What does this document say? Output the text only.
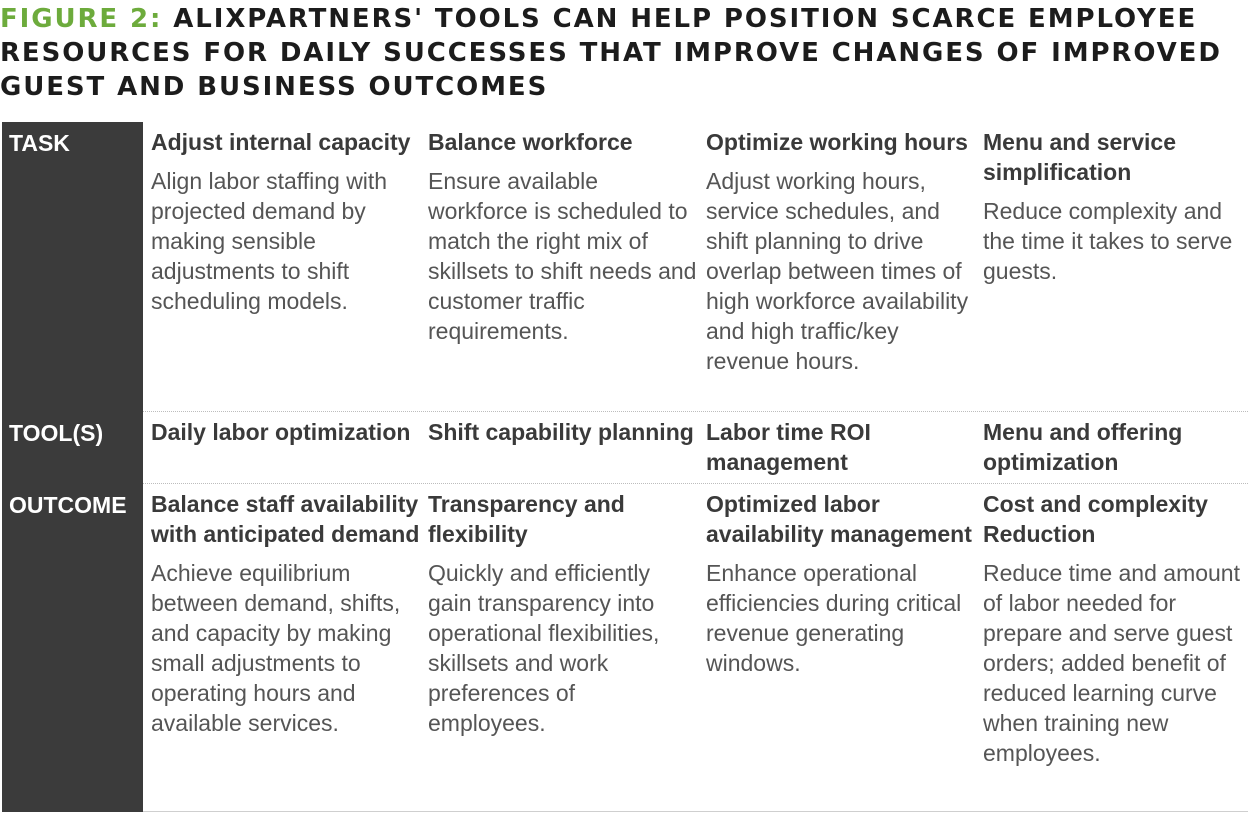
FIGURE 2: ALIXPARTNERS' TOOLS CAN HELP POSITION SCARCE EMPLOYEE RESOURCES FOR DAILY SUCCESSES THAT IMPROVE CHANGES OF IMPROVED GUEST AND BUSINESS OUTCOMES
TASK	Adjust internal capacity
Align labor staffing with projected demand by making sensible adjustments to shift scheduling models.
Balance workforce
Ensure available workforce is scheduled to match the right mix of skillsets to shift needs and customer traffic requirements.
Optimize working hours
Adjust working hours, service schedules, and shift planning to drive overlap between times of high workforce availability and high traffic/key revenue hours.
Menu and service simplification
Reduce complexity and the time it takes to serve guests.
TOOL(S) Daily labor optimization Shift capability planning Labor time ROI management
Menu and offering optimization
OUTCOME Balance staff availability with anticipated demand
Achieve equilibrium between demand, shifts, and capacity by making small adjustments to operating hours and available services.
Transparency and flexibility
Quickly and efficiently gain transparency into operational flexibilities, skillsets and work preferences of employees.
Optimized labor availability management
Enhance operational efficiencies during critical revenue generating windows.
Cost and complexity Reduction
Reduce time and amount of labor needed for prepare and serve guest orders; added benefit of reduced learning curve when training new employees.
